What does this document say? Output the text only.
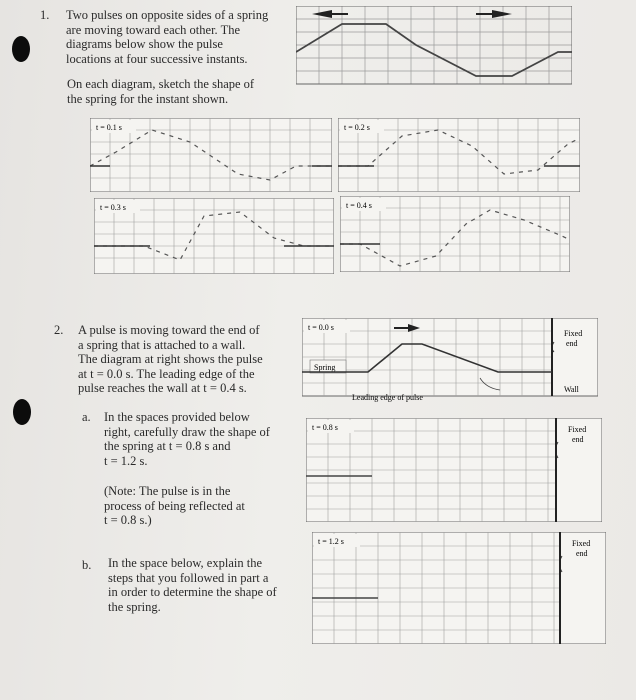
1. Two pulses on opposite sides of a spring
are moving toward each other. The
diagrams below show the pulse
locations at four successive instants.
On each diagram, sketch the shape of
the spring for the instant shown.
t = 0.1 s	t = 0.2 s
t = 0.3 s	t = 0.4 s
2. A pulse is moving toward the end of
a spring that is attached to a wall.
The diagram at right shows the pulse
at t = 0.0 s. The leading edge of the
pulse reaches the wall at t = 0.4 s.
t = 0.0 s
Fixed
end
Wall
Spring
Leading edge of pulse
a. In the spaces provided below
right, carefully draw the shape of
the spring at t = 0.8 s and
t = 1.2 s.
(Note: The pulse is in the
process of being reflected at
t = 0.8 s.)
t = 0.8 s	Fixed
end
b. In the space below, explain the
steps that you followed in part a
in order to determine the shape of
the spring.
t = 1.2 s	Fixed
end
